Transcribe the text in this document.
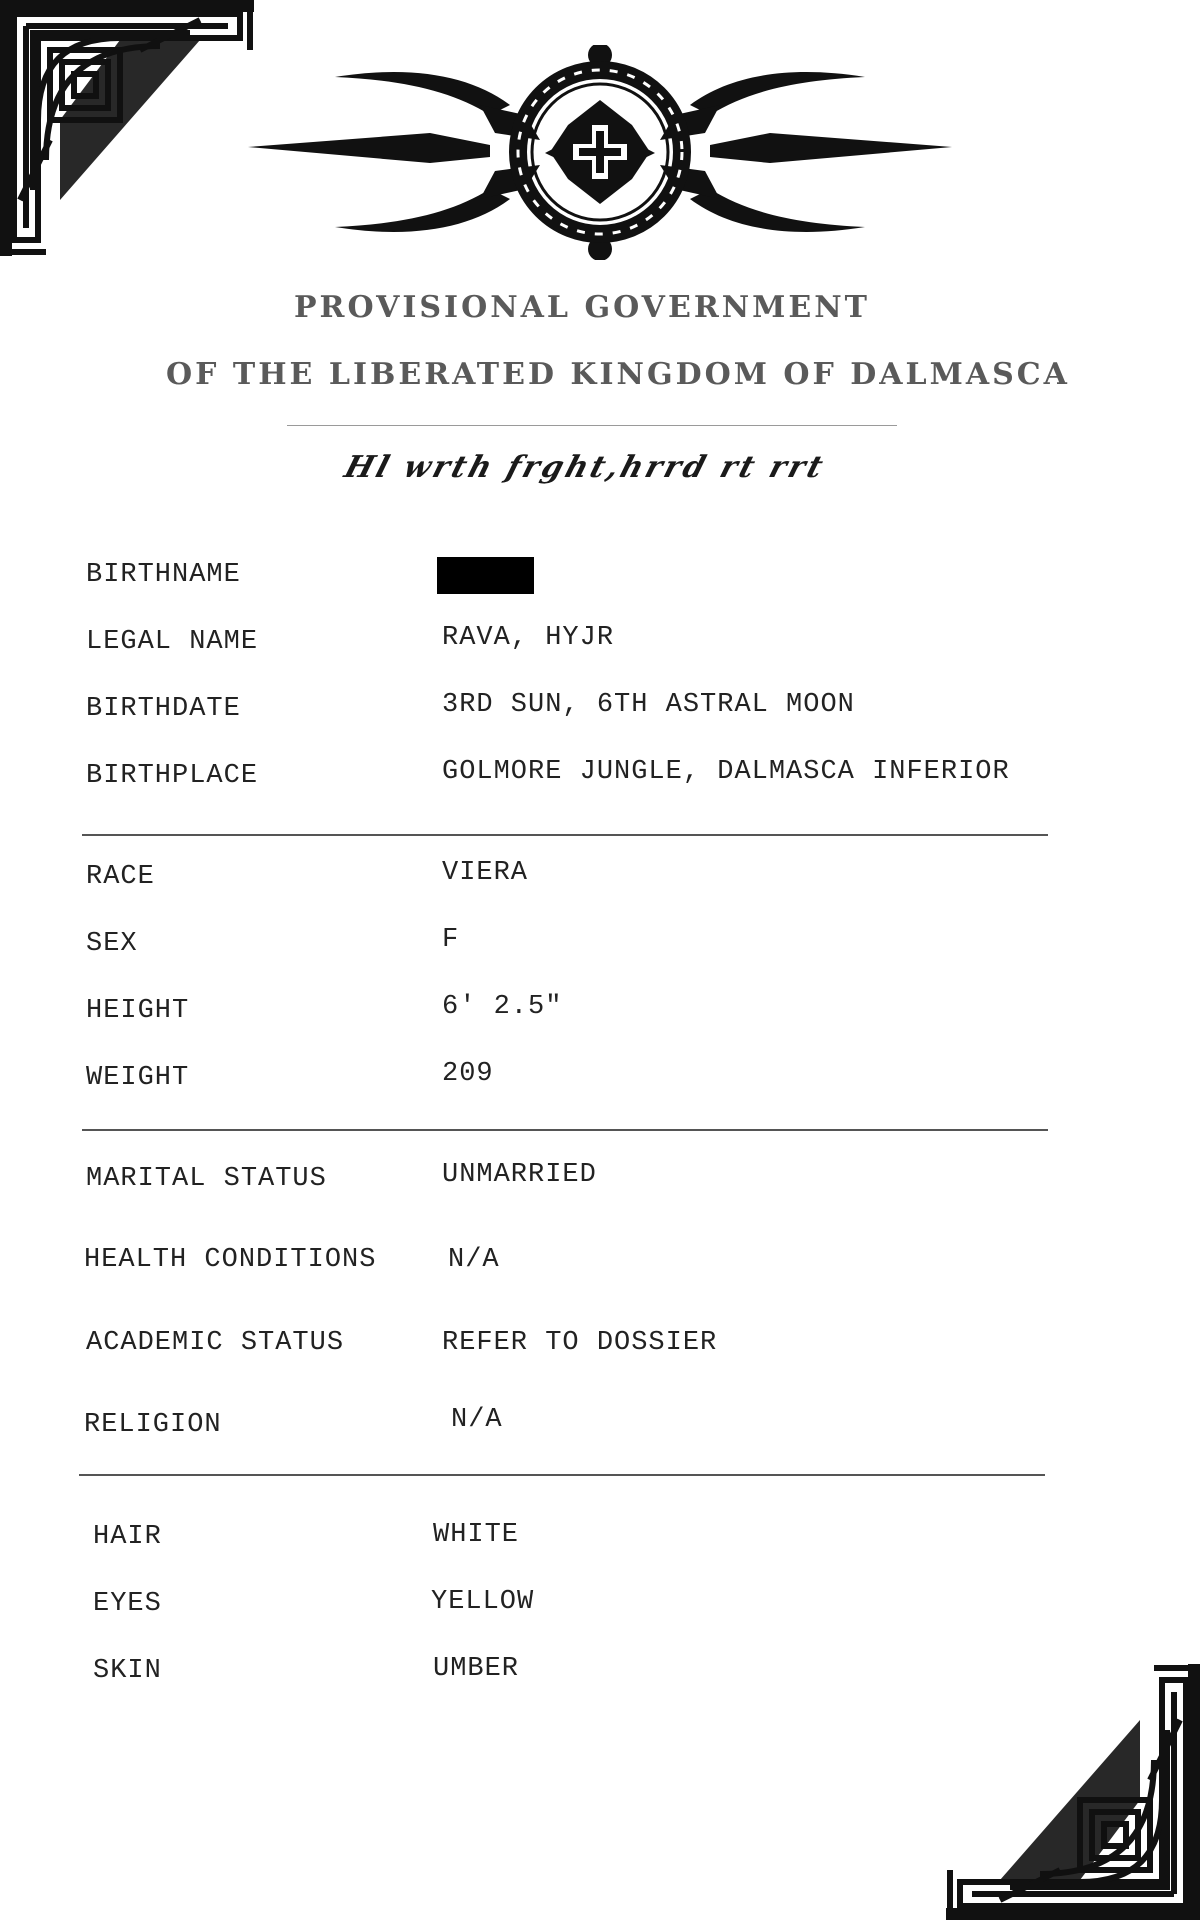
PROVISIONAL GOVERNMENT
OF THE LIBERATED KINGDOM OF DALMASCA
Hl wrth frght,hrrd rt rrt
BIRTHNAME
LEGAL NAME	RAVA, HYJR
BIRTHDATE	3RD SUN, 6TH ASTRAL MOON
BIRTHPLACE	GOLMORE JUNGLE, DALMASCA INFERIOR
RACE	VIERA
SEX	F
HEIGHT	6' 2.5"
WEIGHT	209
MARITAL STATUS	UNMARRIED
HEALTH CONDITIONS	N/A
ACADEMIC STATUS	REFER TO DOSSIER
RELIGION	N/A
HAIR	WHITE
EYES	YELLOW
SKIN	UMBER
